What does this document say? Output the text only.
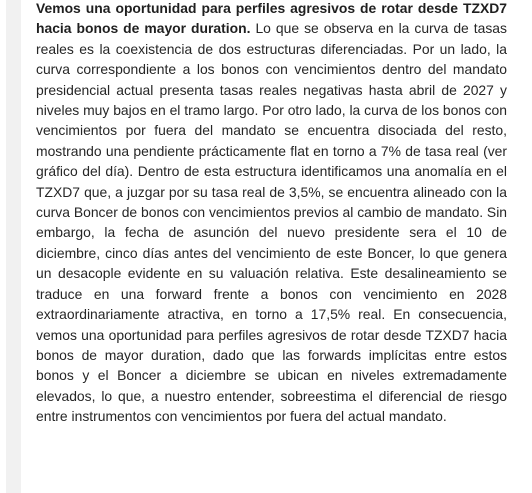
Vemos una oportunidad para perfiles agresivos de rotar desde TZXD7 hacia bonos de mayor duration. Lo que se observa en la curva de tasas reales es la coexistencia de dos estructuras diferenciadas. Por un lado, la curva correspondiente a los bonos con vencimientos dentro del mandato presidencial actual presenta tasas reales negativas hasta abril de 2027 y niveles muy bajos en el tramo largo. Por otro lado, la curva de los bonos con vencimientos por fuera del mandato se encuentra disociada del resto, mostrando una pendiente prácticamente flat en torno a 7% de tasa real (ver gráfico del día). Dentro de esta estructura identificamos una anomalía en el TZXD7 que, a juzgar por su tasa real de 3,5%, se encuentra alineado con la curva Boncer de bonos con vencimientos previos al cambio de mandato. Sin embargo, la fecha de asunción del nuevo presidente sera el 10 de diciembre, cinco días antes del vencimiento de este Boncer, lo que genera un desacople evidente en su valuación relativa. Este desalineamiento se traduce en una forward frente a bonos con vencimiento en 2028 extraordinariamente atractiva, en torno a 17,5% real. En consecuencia, vemos una oportunidad para perfiles agresivos de rotar desde TZXD7 hacia bonos de mayor duration, dado que las forwards implícitas entre estos bonos y el Boncer a diciembre se ubican en niveles extremadamente elevados, lo que, a nuestro entender, sobreestima el diferencial de riesgo entre instrumentos con vencimientos por fuera del actual mandato.
